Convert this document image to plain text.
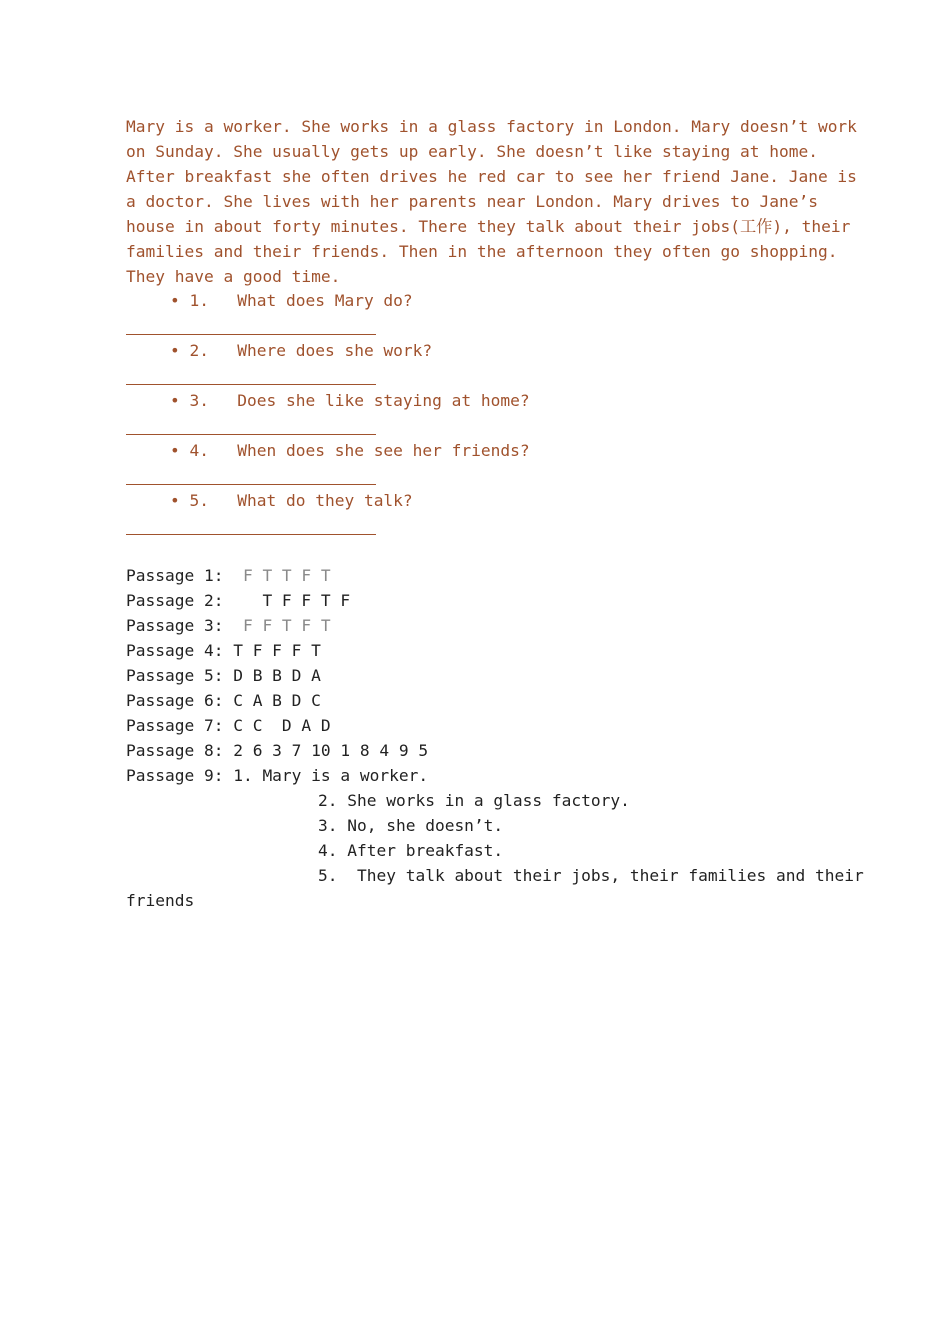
Mary is a worker. She works in a glass factory in London. Mary doesn’t work
on Sunday. She usually gets up early. She doesn’t like staying at home.
After breakfast she often drives he red car to see her friend Jane. Jane is
a doctor. She lives with her parents near London. Mary drives to Jane’s
house in about forty minutes. There they talk about their jobs(工作), their
families and their friends. Then in the afternoon they often go shopping.
They have a good time.
• 1. What does Mary do?
• 2. Where does she work?
• 3. Does she like staying at home?
• 4. When does she see her friends?
• 5. What do they talk?
Passage 1:  F T T F T
Passage 2:    T F F T F
Passage 3:  F F T F T
Passage 4: T F F F T
Passage 5: D B B D A
Passage 6: C A B D C
Passage 7: C C  D A D
Passage 8: 2 6 3 7 10 1 8 4 9 5
Passage 9: 1. Mary is a worker.
2. She works in a glass factory.
3. No, she doesn’t.
4. After breakfast.
5.  They talk about their jobs, their families and their
friends
